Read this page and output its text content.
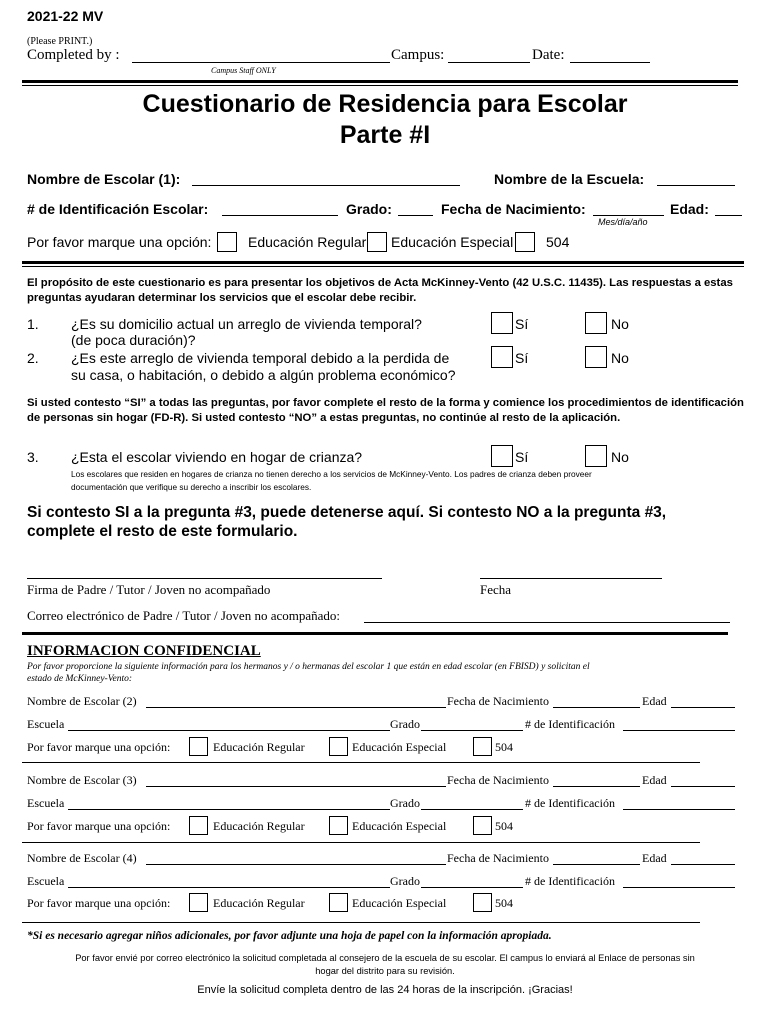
2021-22 MV
(Please PRINT.)
Completed by :	Campus:	Date:
Campus Staff ONLY
Cuestionario de Residencia para Escolar
Parte #I
Nombre de Escolar (1):	Nombre de la Escuela:
# de Identificación Escolar:	Grado:	Fecha de Nacimiento:	Edad:
Mes/día/año
Por favor marque una opción:	Educación Regular Educación Especial 504
El propósito de este cuestionario es para presentar los objetivos de Acta McKinney-Vento (42 U.S.C. 11435). Las respuestas a estas preguntas ayudaran determinar los servicios que el escolar debe recibir.
1. ¿Es su domicilio actual un arreglo de vivienda temporal?
(de poca duración)?
Sí	No
2. ¿Es este arreglo de vivienda temporal debido a la perdida de
su casa, o habitación, o debido a algún problema económico?
Sí	No
Si usted contesto “SI” a todas las preguntas, por favor complete el resto de la forma y comience los procedimientos de identificación de personas sin hogar (FD-R). Si usted contesto “NO” a estas preguntas, no continúe al resto de la aplicación.
3. ¿Esta el escolar viviendo en hogar de crianza?	Sí	No
Los escolares que residen en hogares de crianza no tienen derecho a los servicios de McKinney-Vento. Los padres de crianza deben proveer
documentación que verifique su derecho a inscribir los escolares.
Si contesto SI a la pregunta #3, puede detenerse aquí. Si contesto NO a la pregunta #3,
complete el resto de este formulario.
Firma de Padre / Tutor / Joven no acompañado	Fecha
Correo electrónico de Padre / Tutor / Joven no acompañado:
INFORMACION CONFIDENCIAL
Por favor proporcione la siguiente información para los hermanos y / o hermanas del escolar 1 que están en edad escolar (en FBISD) y solicitan el
estado de McKinney-Vento:
Nombre de Escolar (2)	Fecha de Nacimiento	Edad
Escuela	Grado	# de Identificación
Por favor marque una opción:	Educación Regular	Educación Especial	504
Nombre de Escolar (3)	Fecha de Nacimiento	Edad
Escuela	Grado	# de Identificación
Por favor marque una opción:	Educación Regular	Educación Especial	504
Nombre de Escolar (4)	Fecha de Nacimiento	Edad
Escuela	Grado	# de Identificación
Por favor marque una opción:	Educación Regular	Educación Especial	504
*Si es necesario agregar niños adicionales, por favor adjunte una hoja de papel con la información apropiada.
Por favor envié por correo electrónico la solicitud completada al consejero de la escuela de su escolar. El campus lo enviará al Enlace de personas sin
hogar del distrito para su revisión.
Envíe la solicitud completa dentro de las 24 horas de la inscripción. ¡Gracias!
